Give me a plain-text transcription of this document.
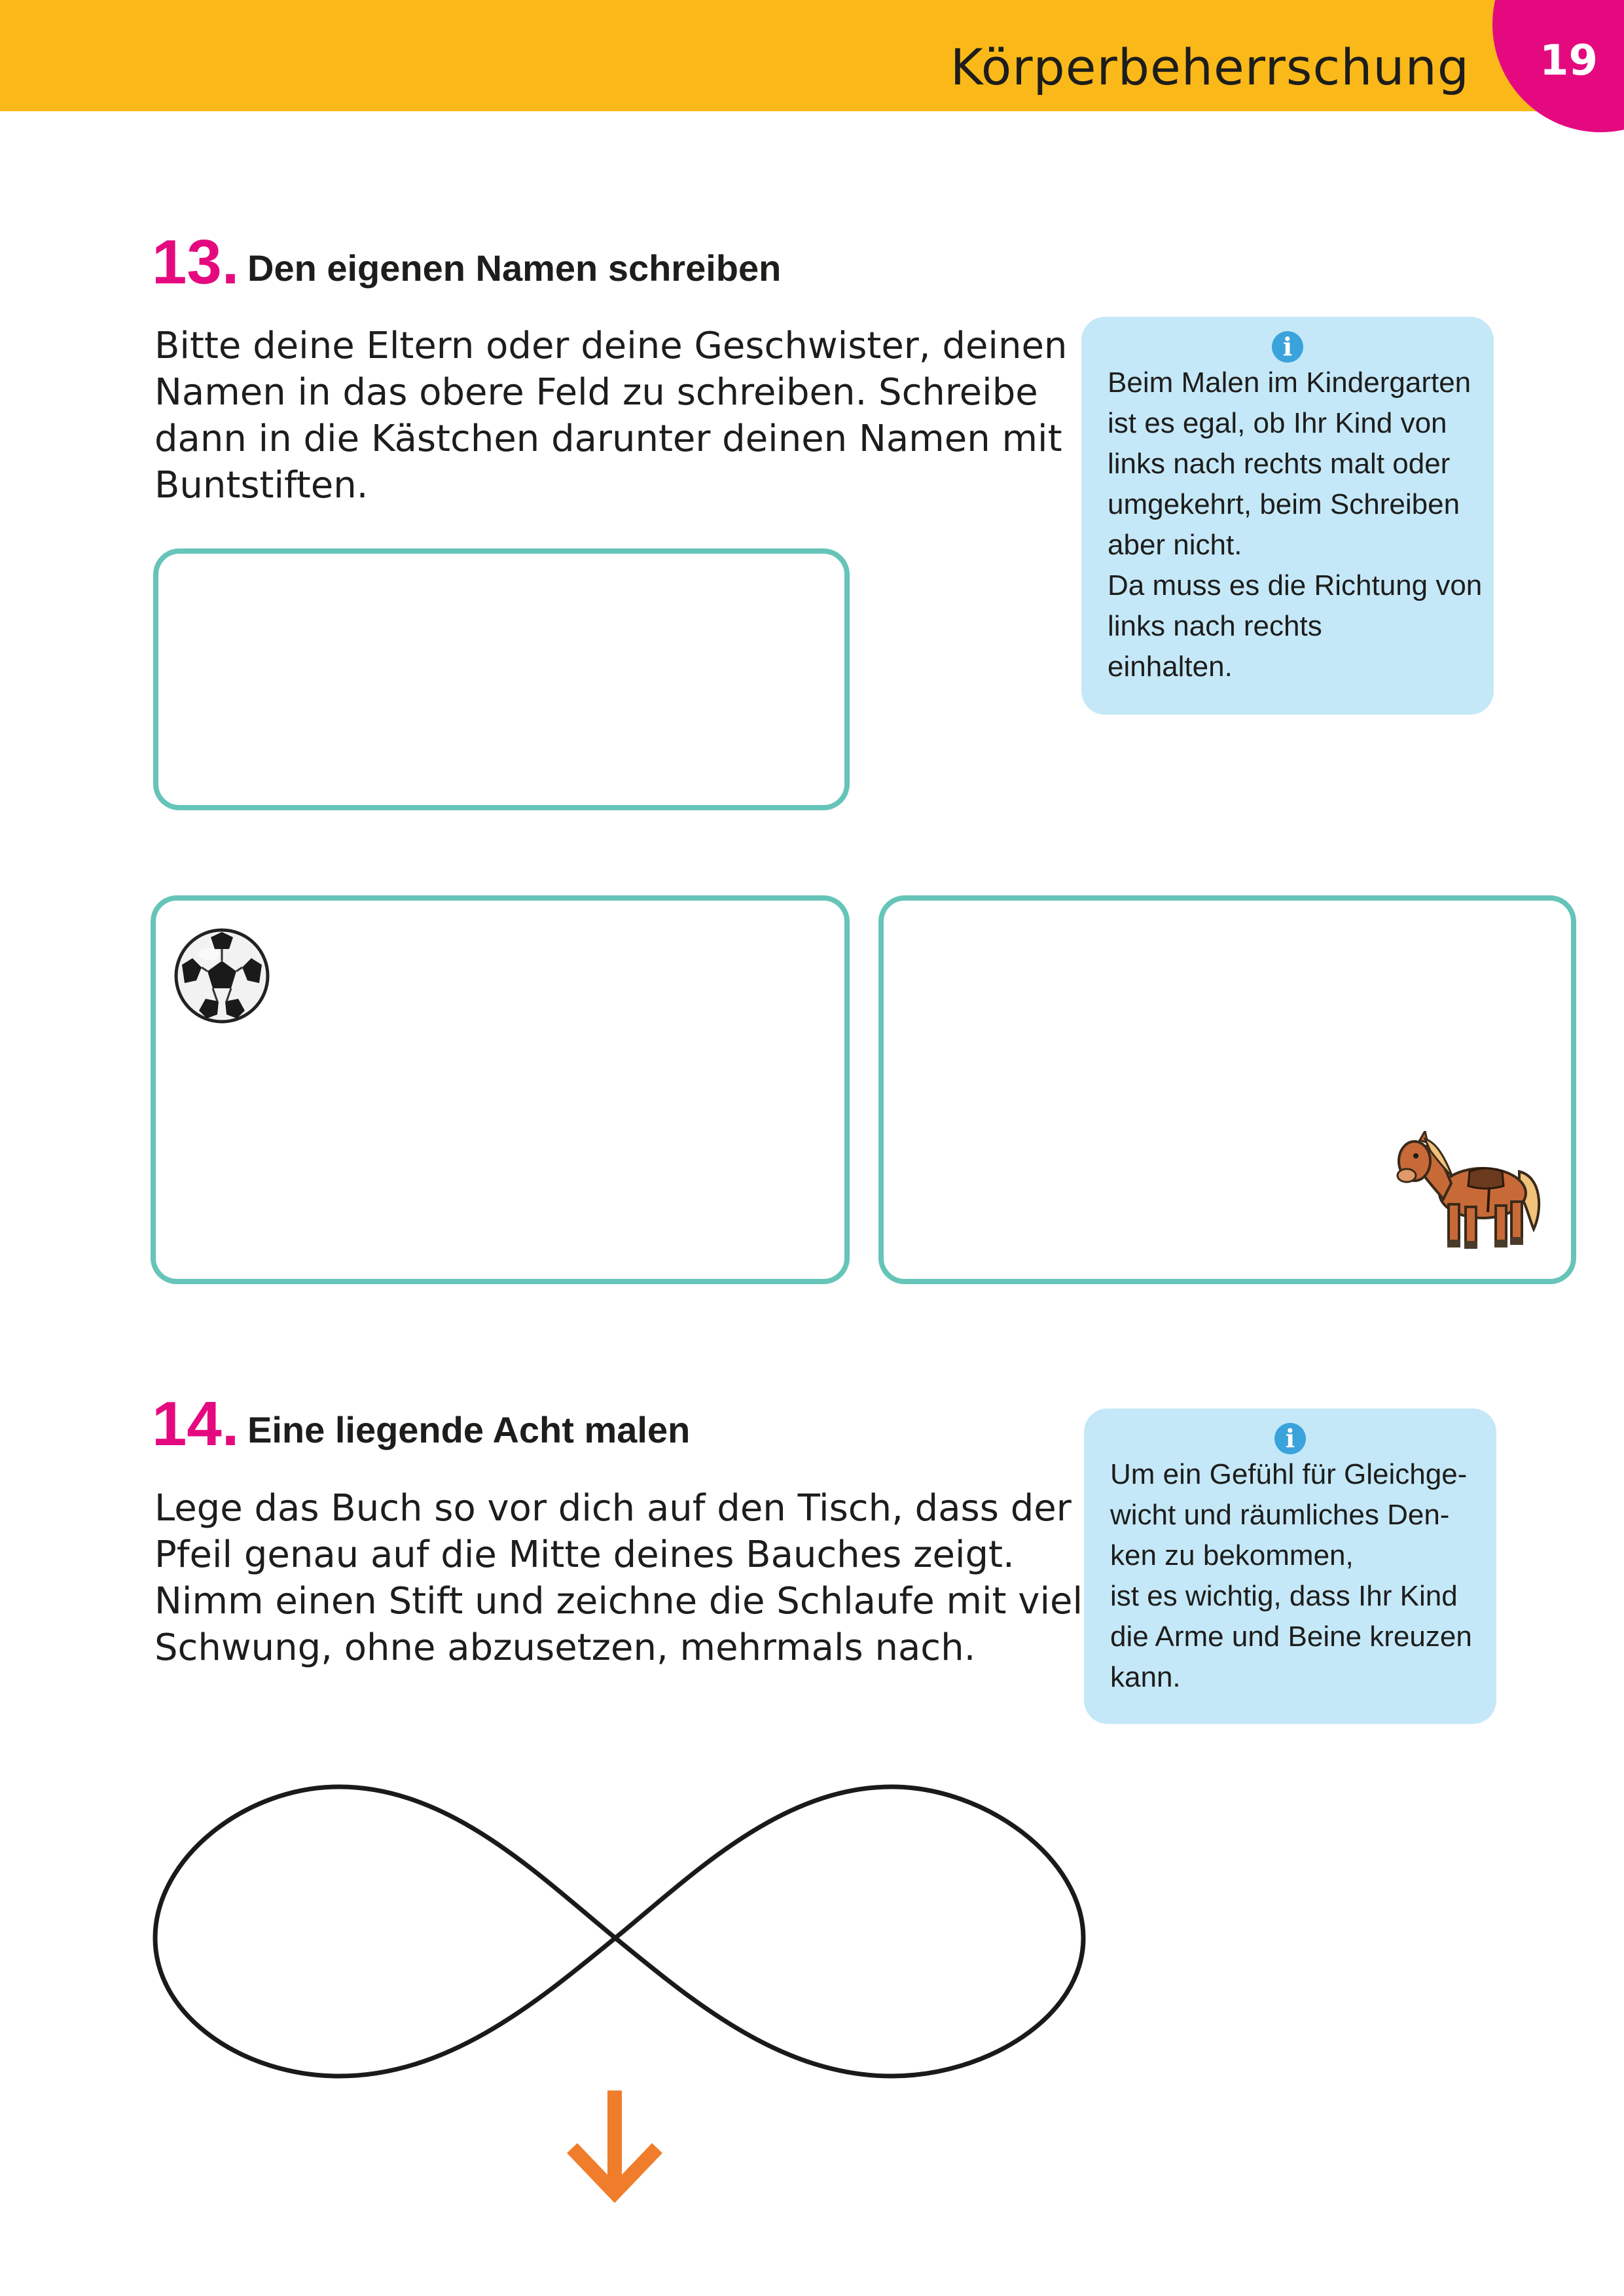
Körperbeherrschung 19
13. Den eigenen Namen schreiben
Bitte deine Eltern oder deine Geschwister, deinen
Namen in das obere Feld zu schreiben. Schreibe
dann in die Kästchen darunter deinen Namen mit
Buntstiften.
i
Beim Malen im Kindergarten
ist es egal, ob Ihr Kind von
links nach rechts malt oder
umgekehrt, beim Schreiben
aber nicht.
Da muss es die Richtung von
links nach rechts
einhalten.
14. Eine liegende Acht malen
Lege das Buch so vor dich auf den Tisch, dass der
Pfeil genau auf die Mitte deines Bauches zeigt.
Nimm einen Stift und zeichne die Schlaufe mit viel
Schwung, ohne abzusetzen, mehrmals nach.
i
Um ein Gefühl für Gleichge-
wicht und räumliches Den-
ken zu bekommen,
ist es wichtig, dass Ihr Kind
die Arme und Beine kreuzen
kann.
